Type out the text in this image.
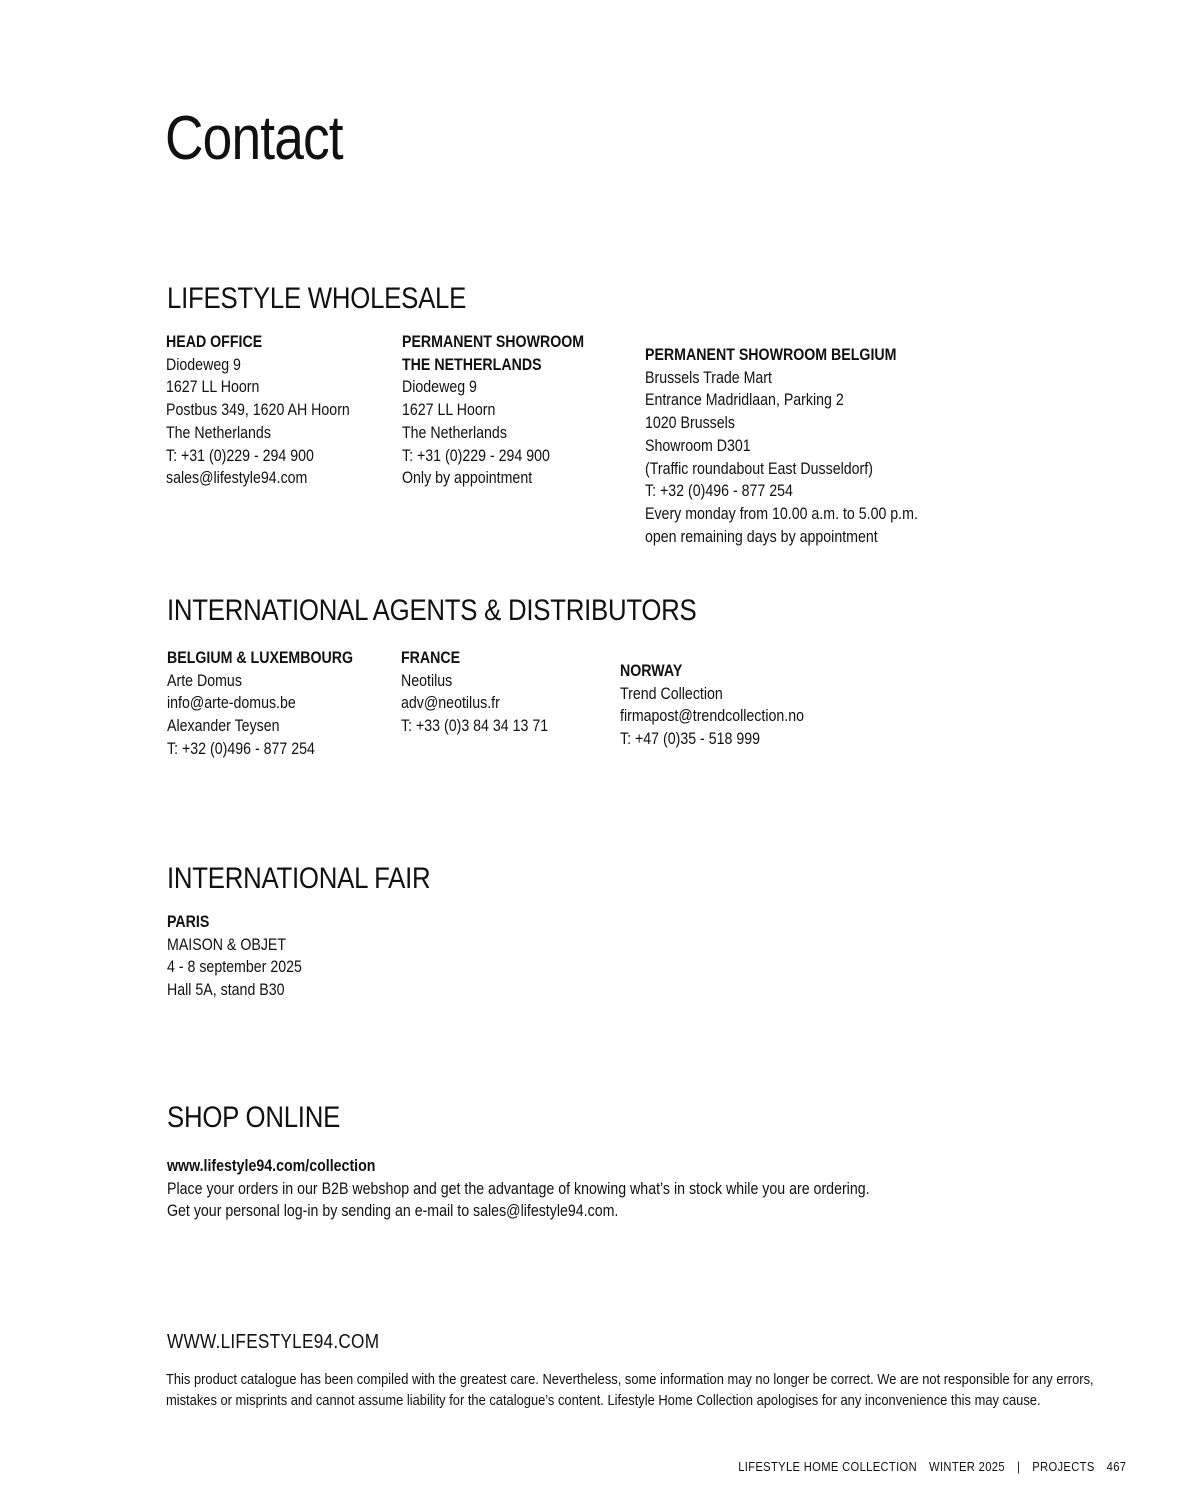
Contact
LIFESTYLE WHOLESALE
HEAD OFFICE
Diodeweg 9
1627 LL Hoorn
Postbus 349, 1620 AH Hoorn
The Netherlands
T: +31 (0)229 - 294 900
sales@lifestyle94.com
PERMANENT SHOWROOM
THE NETHERLANDS
Diodeweg 9
1627 LL Hoorn
The Netherlands
T: +31 (0)229 - 294 900
Only by appointment
PERMANENT SHOWROOM BELGIUM
Brussels Trade Mart
Entrance Madridlaan, Parking 2
1020 Brussels
Showroom D301
(Traffic roundabout East Dusseldorf)
T: +32 (0)496 - 877 254
Every monday from 10.00 a.m. to 5.00 p.m.
open remaining days by appointment
INTERNATIONAL AGENTS & DISTRIBUTORS
BELGIUM & LUXEMBOURG
Arte Domus
info@arte-domus.be
Alexander Teysen
T: +32 (0)496 - 877 254
FRANCE
Neotilus
adv@neotilus.fr
T: +33 (0)3 84 34 13 71
NORWAY
Trend Collection
firmapost@trendcollection.no
T: +47 (0)35 - 518 999
INTERNATIONAL FAIR
PARIS
MAISON & OBJET
4 - 8 september 2025
Hall 5A, stand B30
SHOP ONLINE
www.lifestyle94.com/collection
Place your orders in our B2B webshop and get the advantage of knowing what’s in stock while you are ordering.
Get your personal log-in by sending an e-mail to sales@lifestyle94.com.
WWW.LIFESTYLE94.COM
This product catalogue has been compiled with the greatest care. Nevertheless, some information may no longer be correct. We are not responsible for any errors,
mistakes or misprints and cannot assume liability for the catalogue’s content. Lifestyle Home Collection apologises for any inconvenience this may cause.
LIFESTYLE HOME COLLECTION WINTER 2025 | PROJECTS 467
